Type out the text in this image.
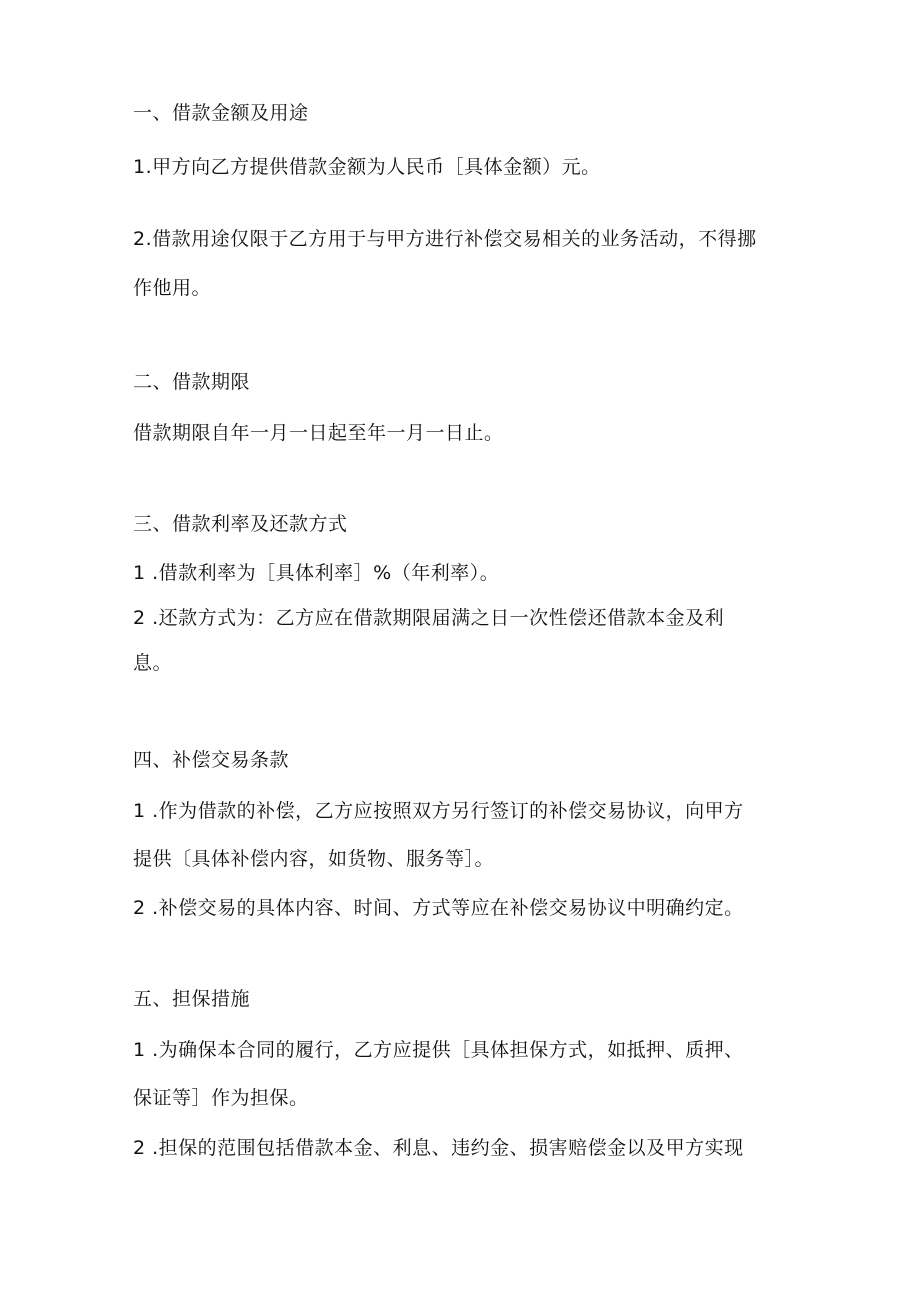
一、借款金额及用途
1.甲方向乙方提供借款金额为人民币［具体金额）元。
2.借款用途仅限于乙方用于与甲方进行补偿交易相关的业务活动，不得挪
作他用。
二、借款期限
借款期限自年一月一日起至年一月一日止。
三、借款利率及还款方式
1 .借款利率为［具体利率］%（年利率）。
2 .还款方式为：乙方应在借款期限届满之日一次性偿还借款本金及利
息。
四、补偿交易条款
1 .作为借款的补偿，乙方应按照双方另行签订的补偿交易协议，向甲方
提供〔具体补偿内容，如货物、服务等］。
2 .补偿交易的具体内容、时间、方式等应在补偿交易协议中明确约定。
五、担保措施
1 .为确保本合同的履行，乙方应提供［具体担保方式，如抵押、质押、
保证等］作为担保。
2 .担保的范围包括借款本金、利息、违约金、损害赔偿金以及甲方实现
